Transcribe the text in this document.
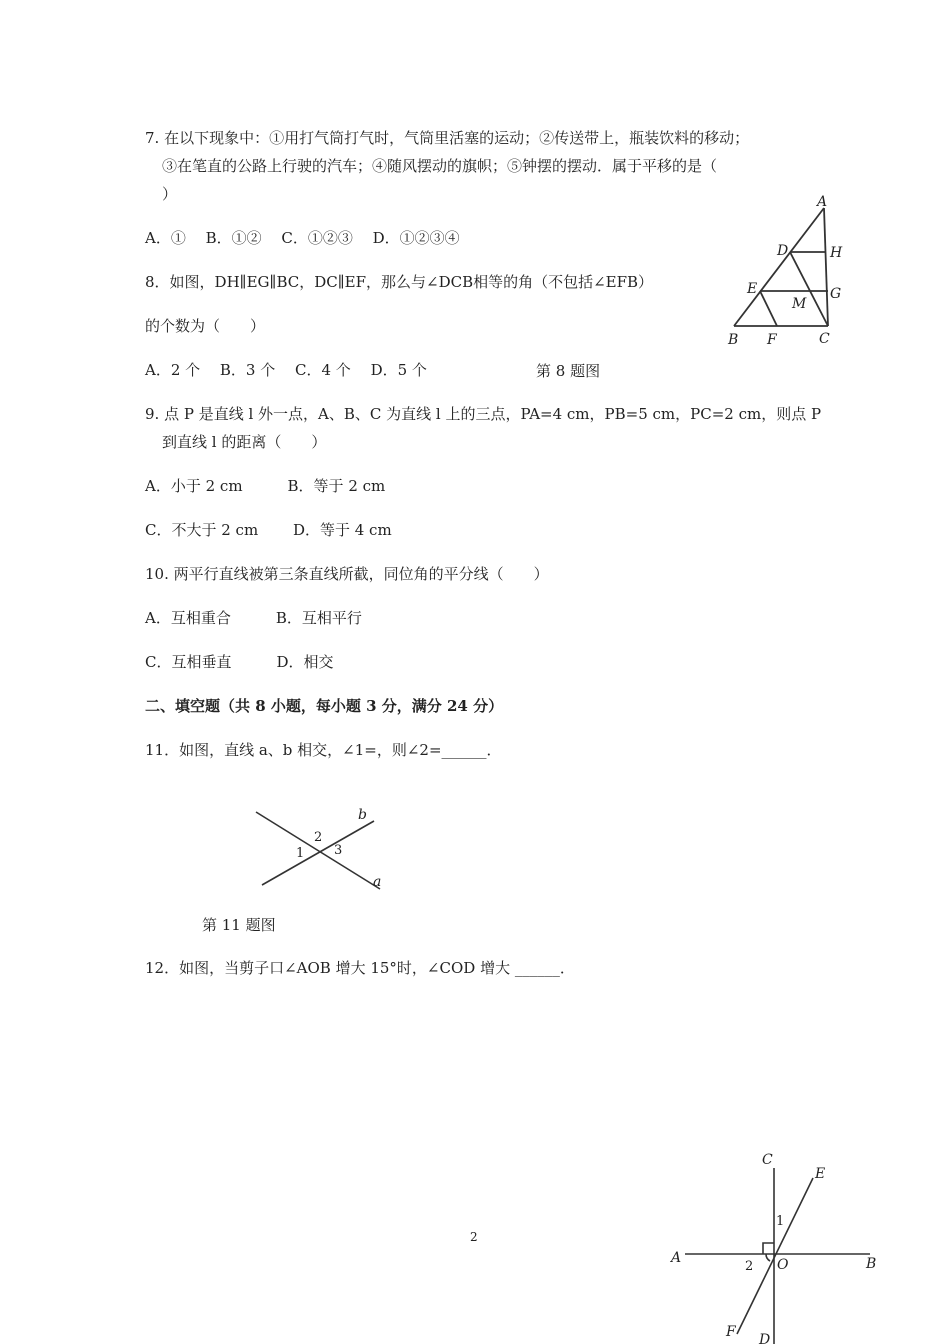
7. 在以下现象中：①用打气筒打气时，气筒里活塞的运动；②传送带上，瓶装饮料的移动；
③在笔直的公路上行驶的汽车；④随风摆动的旗帜；⑤钟摆的摆动．属于平移的是（
）
A．①　 B．①②　 C．①②③　 D．①②③④
8．如图，DH∥EG∥BC，DC∥EF，那么与∠DCB相等的角（不包括∠EFB）
的个数为（　　）
A．2 个　 B．3 个　 C．4 个　 D．5 个	第 8 题图
A
D	H
E	G
M
B F	C
9. 点 P 是直线 l 外一点，A、B、C 为直线 l 上的三点，PA=4 cm，PB=5 cm，PC=2 cm，则点 P
到直线 l 的距离（　　）
A．小于 2 cm　　　B．等于 2 cm
C．不大于 2 cm　　 D．等于 4 cm
10. 两平行直线被第三条直线所截，同位角的平分线（　　）
A．互相重合　　　B．互相平行
C．互相垂直　　　D．相交
二、填空题（共 8 小题，每小题 3 分，满分 24 分）
11．如图，直线 a、b 相交，∠1=，则∠2=______．
b
a
2
1 3
第 11 题图
12．如图，当剪子口∠AOB 增大 15°时，∠COD 增大 ______．
2
C
E
A	O	B
F D
1
2
